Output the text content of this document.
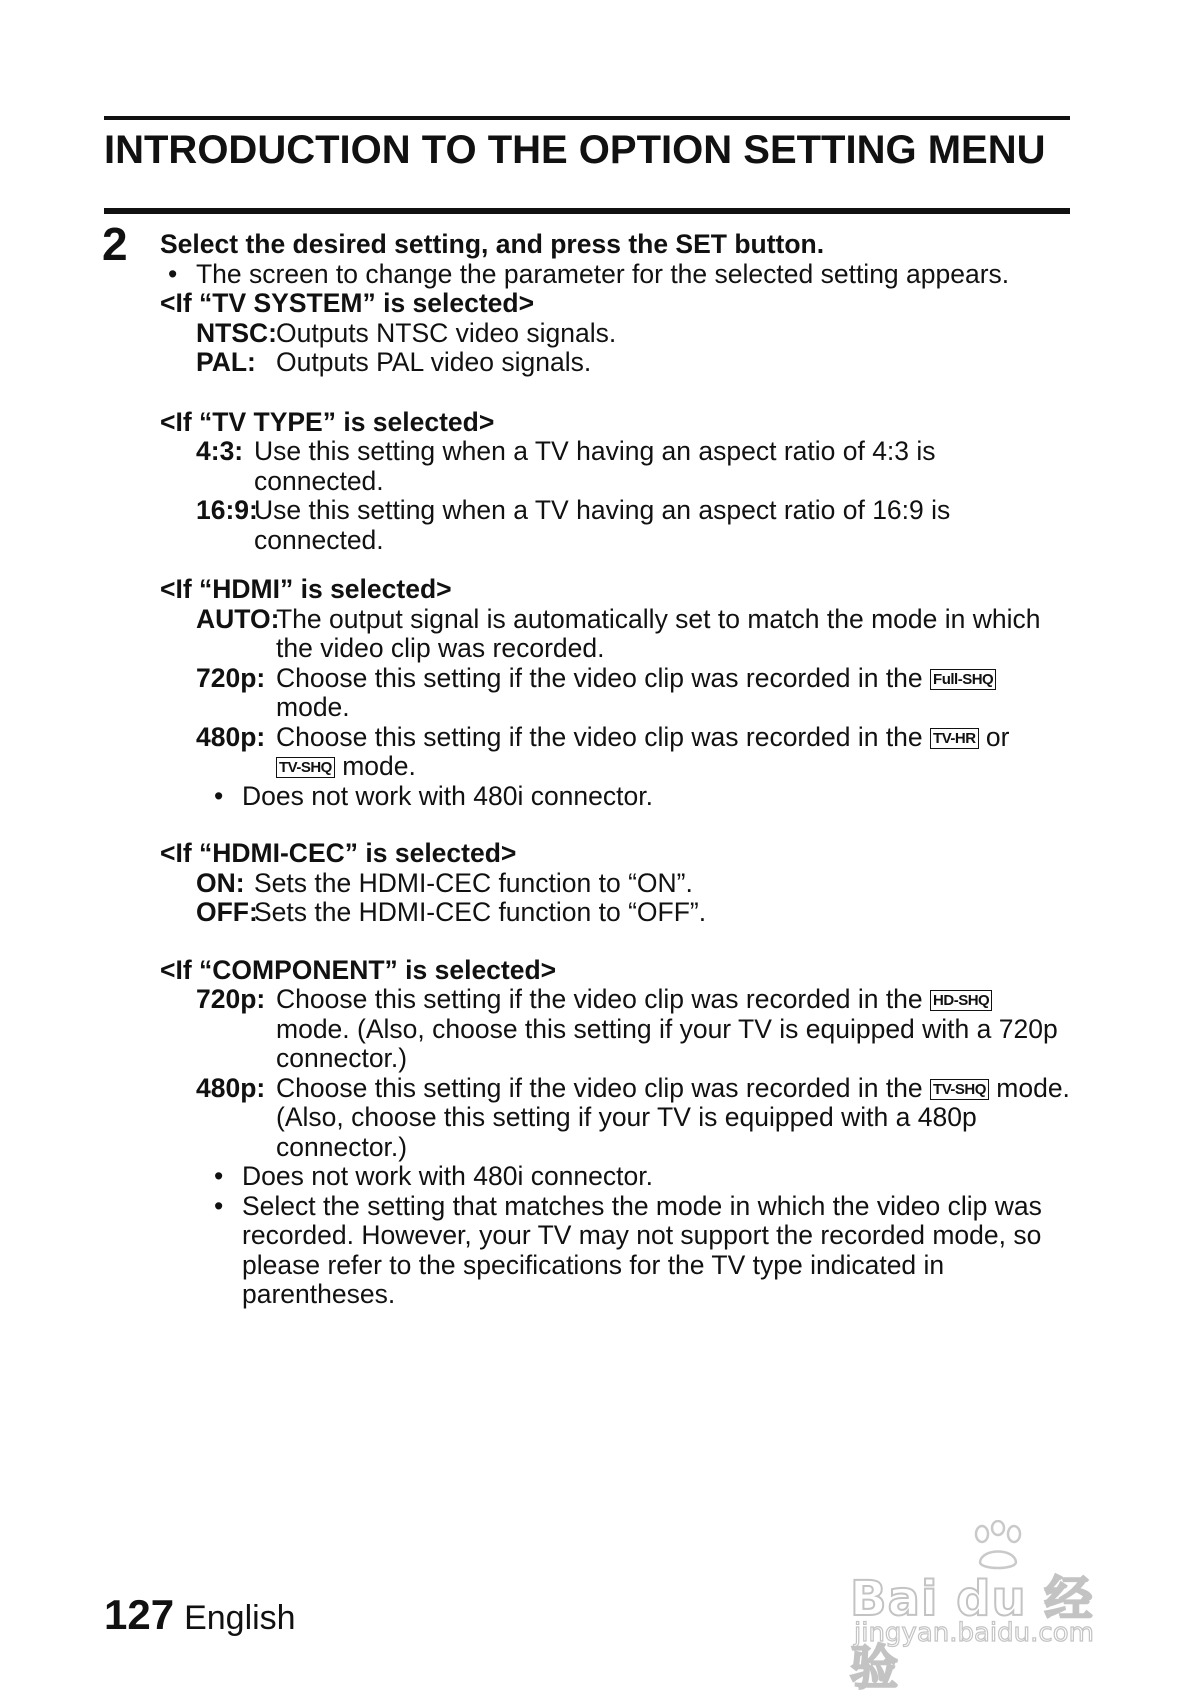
INTRODUCTION TO THE OPTION SETTING MENU
2 Select the desired setting, and press the SET button.
• The screen to change the parameter for the selected setting appears.
<If “TV SYSTEM” is selected>
NTSC: Outputs NTSC video signals.
PAL: Outputs PAL video signals.
<If “TV TYPE” is selected>
4:3: Use this setting when a TV having an aspect ratio of 4:3 is connected.
16:9:
Use this setting when a TV having an aspect ratio of 16:9 is connected.
<If “HDMI” is selected>
AUTO:
The output signal is automatically set to match the mode in which the video clip was recorded.
720p: Choose this setting if the video clip was recorded in the Full-SHQ mode.
480p: Choose this setting if the video clip was recorded in the TV-HR or TV-SHQ mode.
• Does not work with 480i connector.
<If “HDMI-CEC” is selected>
ON: Sets the HDMI-CEC function to “ON”.
OFF:
Sets the HDMI-CEC function to “OFF”.
<If “COMPONENT” is selected>
720p: Choose this setting if the video clip was recorded in the HD-SHQ mode. (Also, choose this setting if your TV is equipped with a 720p connector.)
480p: Choose this setting if the video clip was recorded in the TV-SHQ mode. (Also, choose this setting if your TV is equipped with a 480p connector.)
• Does not work with 480i connector.
• Select the setting that matches the mode in which the video clip was recorded. However, your TV may not support the recorded mode, so please refer to the specifications for the TV type indicated in parentheses.
127 English	Bai du 经验
jingyan.baidu.com
